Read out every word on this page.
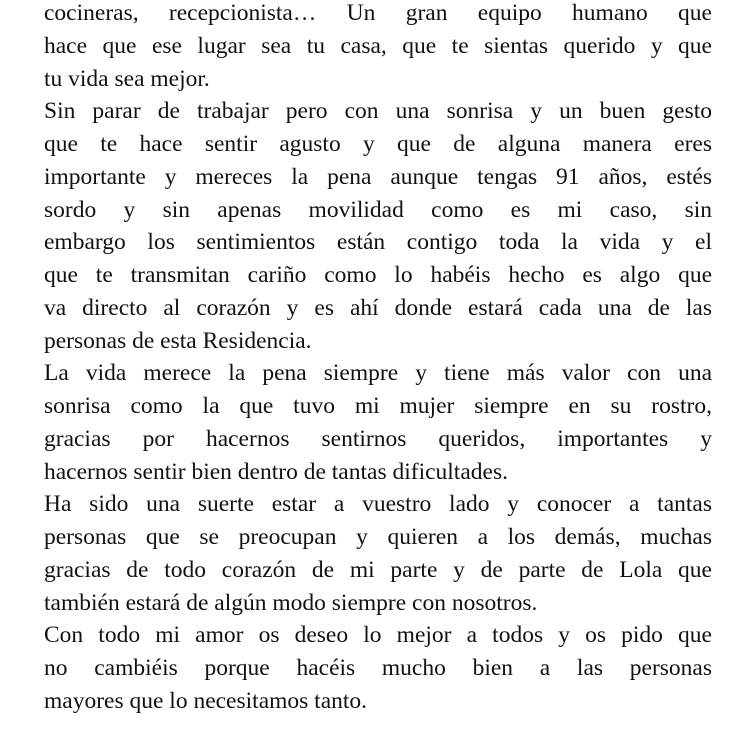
cocineras, recepcionista… Un gran equipo humano que
hace que ese lugar sea tu casa, que te sientas querido y que
tu vida sea mejor.
Sin parar de trabajar pero con una sonrisa y un buen gesto
que te hace sentir agusto y que de alguna manera eres
importante y mereces la pena aunque tengas 91 años, estés
sordo y sin apenas movilidad como es mi caso, sin
embargo los sentimientos están contigo toda la vida y el
que te transmitan cariño como lo habéis hecho es algo que
va directo al corazón y es ahí donde estará cada una de las
personas de esta Residencia.
La vida merece la pena siempre y tiene más valor con una
sonrisa como la que tuvo mi mujer siempre en su rostro,
gracias por hacernos sentirnos queridos, importantes y
hacernos sentir bien dentro de tantas dificultades.
Ha sido una suerte estar a vuestro lado y conocer a tantas
personas que se preocupan y quieren a los demás, muchas
gracias de todo corazón de mi parte y de parte de Lola que
también estará de algún modo siempre con nosotros.
Con todo mi amor os deseo lo mejor a todos y os pido que
no cambiéis porque hacéis mucho bien a las personas
mayores que lo necesitamos tanto.
